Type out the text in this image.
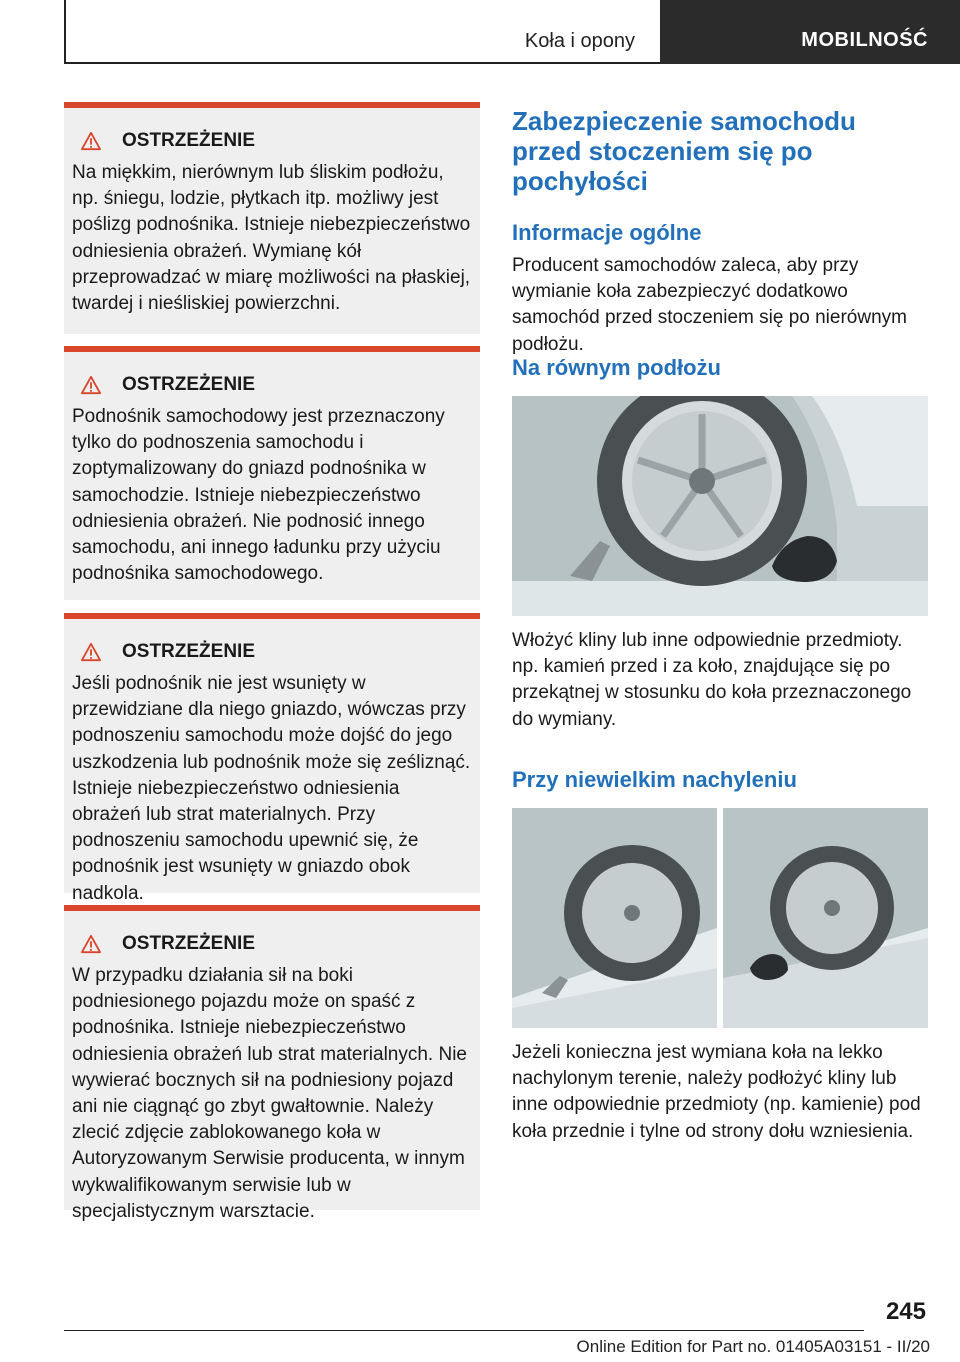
Koła i opony	MOBILNOŚĆ
OSTRZEŻENIE

Na miękkim, nierównym lub śliskim podłożu, np. śniegu, lodzie, płytkach itp. możliwy jest poślizg podnośnika. Istnieje niebezpieczeństwo odniesienia obrażeń. Wymianę kół przeprowadzać w miarę możliwości na płaskiej, twardej i nieśliskiej powierzchni.

OSTRZEŻENIE

Podnośnik samochodowy jest przeznaczony tylko do podnoszenia samochodu i zoptymalizowany do gniazd podnośnika w samochodzie. Istnieje niebezpieczeństwo odniesienia obrażeń. Nie podnosić innego samochodu, ani innego ładunku przy użyciu podnośnika samochodowego.

OSTRZEŻENIE

Jeśli podnośnik nie jest wsunięty w przewidziane dla niego gniazdo, wówczas przy podnoszeniu samochodu może dojść do jego uszkodzenia lub podnośnik może się ześliznąć. Istnieje niebezpieczeństwo odniesienia obrażeń lub strat materialnych. Przy podnoszeniu samochodu upewnić się, że podnośnik jest wsunięty w gniazdo obok nadkola.

OSTRZEŻENIE

W przypadku działania sił na boki podniesionego pojazdu może on spaść z podnośnika. Istnieje niebezpieczeństwo odniesienia obrażeń lub strat materialnych. Nie wywierać bocznych sił na podniesiony pojazd ani nie ciągnąć go zbyt gwałtownie. Należy zlecić zdjęcie zablokowanego koła w Autoryzowanym Serwisie producenta, w innym wykwalifikowanym serwisie lub w specjalistycznym warsztacie.

Zabezpieczenie samochodu przed stoczeniem się po pochyłości
Informacje ogólne

Producent samochodów zaleca, aby przy wymianie koła zabezpieczyć dodatkowo samochód przed stoczeniem się po nierównym podłożu.

Na równym podłożu

Włożyć kliny lub inne odpowiednie przedmioty. np. kamień przed i za koło, znajdujące się po przekątnej w stosunku do koła przeznaczonego do wymiany.

Przy niewielkim nachyleniu

Jeżeli konieczna jest wymiana koła na lekko nachylonym terenie, należy podłożyć kliny lub inne odpowiednie przedmioty (np. kamienie) pod koła przednie i tylne od strony dołu wzniesienia.

245
Online Edition for Part no. 01405A03151 - II/20
